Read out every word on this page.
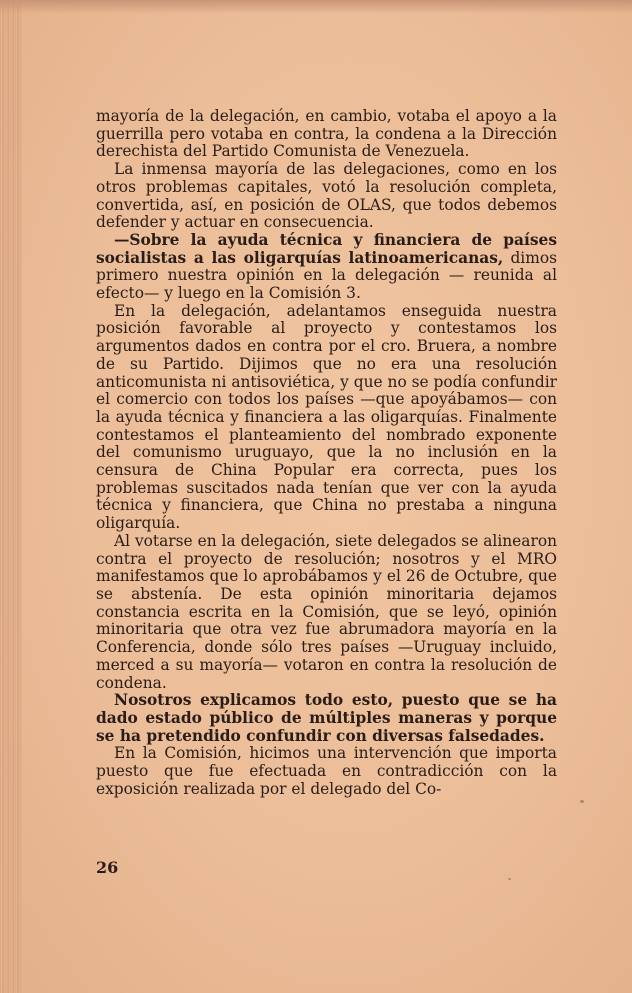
mayoría de la delegación, en cambio, votaba el apoyo a la guerrilla pero votaba en contra, la condena a la Dirección derechista del Partido Comunista de Venezuela.

La inmensa mayoría de las delegaciones, como en los otros problemas capitales, votó la resolución completa, convertida, así, en posición de OLAS, que todos debemos defender y actuar en consecuencia.

—Sobre la ayuda técnica y financiera de países socialistas a las oligarquías latinoamericanas, dimos primero nuestra opinión en la delegación — reunida al efecto— y luego en la Comisión 3.

En la delegación, adelantamos enseguida nuestra posición favorable al proyecto y contestamos los argumentos dados en contra por el cro. Bruera, a nombre de su Partido. Dijimos que no era una resolución anticomunista ni antisoviética, y que no se podía confundir el comercio con todos los países —que apoyábamos— con la ayuda técnica y financiera a las oligarquías. Finalmente contestamos el planteamiento del nombrado exponente del comunismo uruguayo, que la no inclusión en la censura de China Popular era correcta, pues los problemas suscitados nada tenían que ver con la ayuda técnica y financiera, que China no prestaba a ninguna oligarquía.

Al votarse en la delegación, siete delegados se alinearon contra el proyecto de resolución; nosotros y el MRO manifestamos que lo aprobábamos y el 26 de Octubre, que se abstenía. De esta opinión minoritaria dejamos constancia escrita en la Comisión, que se leyó, opinión minoritaria que otra vez fue abrumadora mayoría en la Conferencia, donde sólo tres países —Uruguay incluido, merced a su mayoría— votaron en contra la resolución de condena.

Nosotros explicamos todo esto, puesto que se ha dado estado público de múltiples maneras y porque se ha pretendido confundir con diversas falsedades.

En la Comisión, hicimos una intervención que importa puesto que fue efectuada en contradicción con la exposición realizada por el delegado del Co-

26
